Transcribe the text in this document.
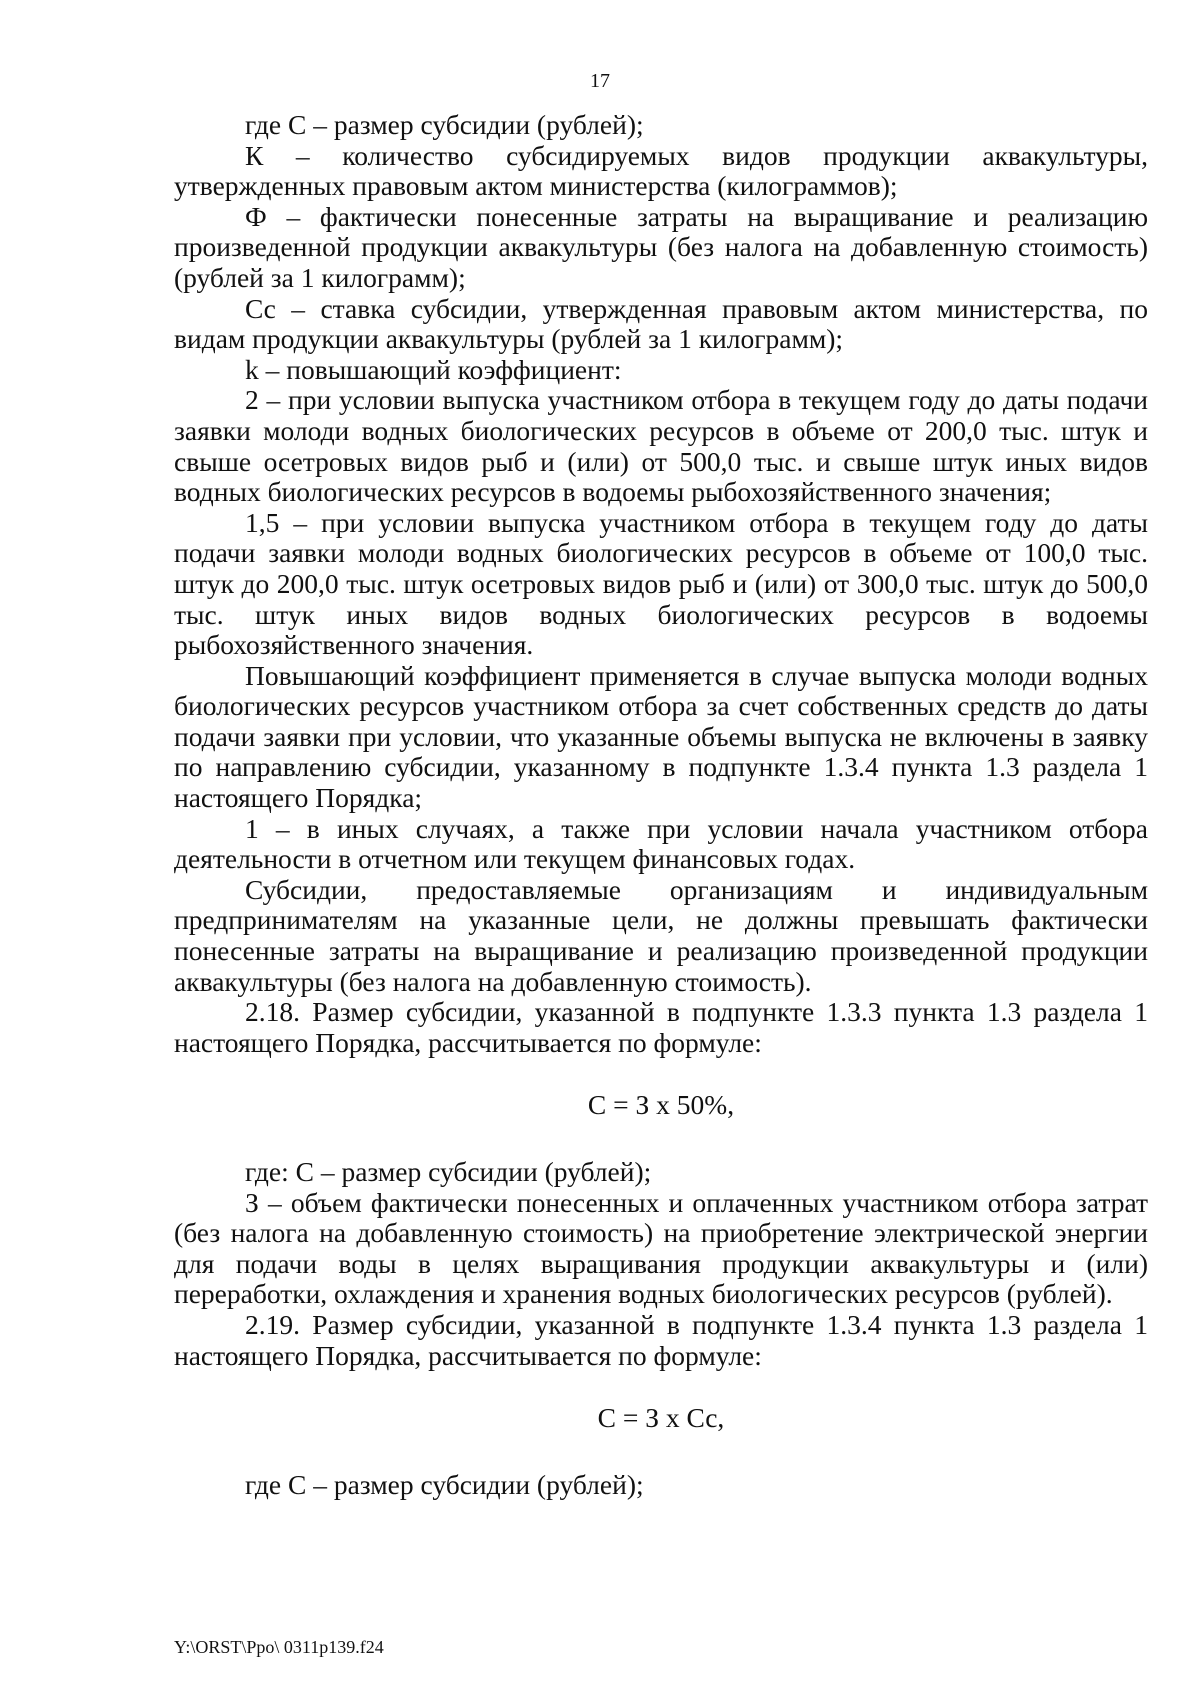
17

где С – размер субсидии (рублей);

К – количество субсидируемых видов продукции аквакультуры, утвержденных правовым актом министерства (килограммов);

Ф – фактически понесенные затраты на выращивание и реализацию произведенной продукции аквакультуры (без налога на добавленную стоимость) (рублей за 1 килограмм);

Сс – ставка субсидии, утвержденная правовым актом министерства, по видам продукции аквакультуры (рублей за 1 килограмм);

k – повышающий коэффициент:

2 – при условии выпуска участником отбора в текущем году до даты подачи заявки молоди водных биологических ресурсов в объеме от 200,0 тыс. штук и свыше осетровых видов рыб и (или) от 500,0 тыс. и свыше штук иных видов водных биологических ресурсов в водоемы рыбохозяйственного значения;

1,5 – при условии выпуска участником отбора в текущем году до даты подачи заявки молоди водных биологических ресурсов в объеме от 100,0 тыс. штук до 200,0 тыс. штук осетровых видов рыб и (или) от 300,0 тыс. штук до 500,0 тыс. штук иных видов водных биологических ресурсов в водоемы рыбохозяйственного значения.

Повышающий коэффициент применяется в случае выпуска молоди водных биологических ресурсов участником отбора за счет собственных средств до даты подачи заявки при условии, что указанные объемы выпуска не включены в заявку по направлению субсидии, указанному в подпункте 1.3.4 пункта 1.3 раздела 1 настоящего Порядка;

1 – в иных случаях, а также при условии начала участником отбора деятельности в отчетном или текущем финансовых годах.

Субсидии, предоставляемые организациям и индивидуальным предпринимателям на указанные цели, не должны превышать фактически понесенные затраты на выращивание и реализацию произведенной продукции аквакультуры (без налога на добавленную стоимость).

2.18. Размер субсидии, указанной в подпункте 1.3.3 пункта 1.3 раздела 1 настоящего Порядка, рассчитывается по формуле:

С = З х 50%,

где: С – размер субсидии (рублей);

З – объем фактически понесенных и оплаченных участником отбора затрат (без налога на добавленную стоимость) на приобретение электрической энергии для подачи воды в целях выращивания продукции аквакультуры и (или) переработки, охлаждения и хранения водных биологических ресурсов (рублей).

2.19. Размер субсидии, указанной в подпункте 1.3.4 пункта 1.3 раздела 1 настоящего Порядка, рассчитывается по формуле:

С = З х Сс,

где С – размер субсидии (рублей);

Y:\ORST\Ppo\ 0311p139.f24
